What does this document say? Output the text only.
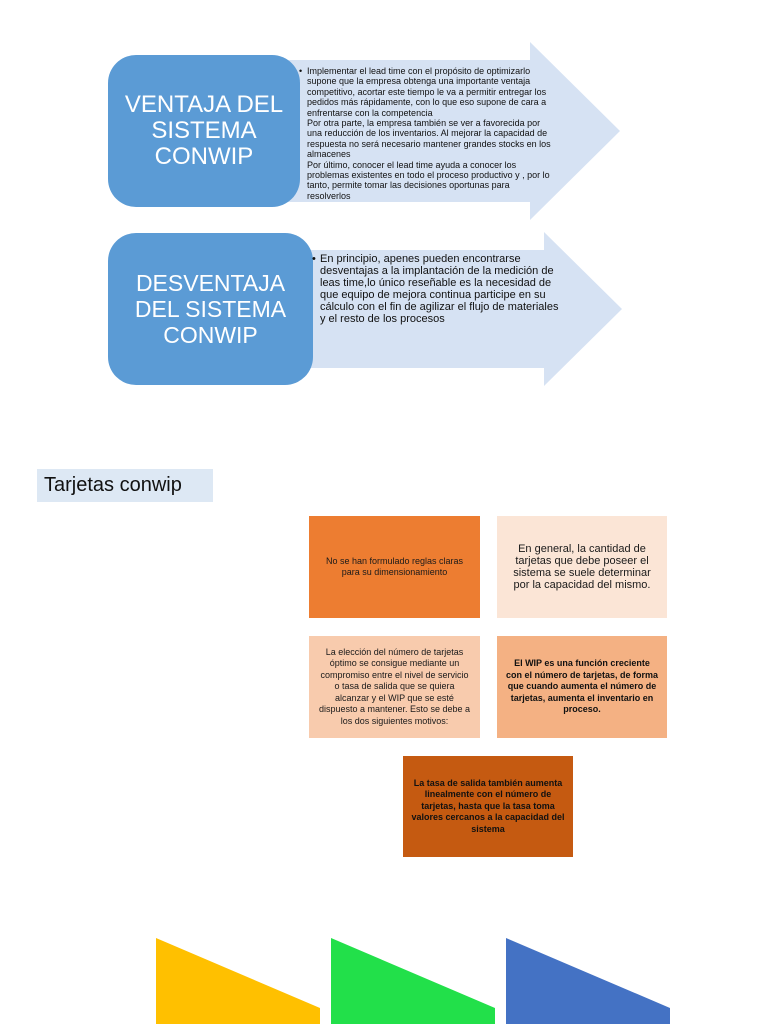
VENTAJA DEL SISTEMA CONWIP
• Implementar el lead time con el propósito de optimizarlo supone que la empresa obtenga una importante ventaja competitivo, acortar este tiempo le va a permitir entregar los pedidos más rápidamente, con lo que eso supone de cara a enfrentarse con la competencia
Por otra parte, la empresa también se ver a favorecida por una reducción de los inventarios. Al mejorar la capacidad de respuesta no será necesario mantener grandes stocks en los almacenes
Por último, conocer el lead time ayuda a conocer los problemas existentes en todo el proceso productivo y , por lo tanto, permite tomar las decisiones oportunas para resolverlos
DESVENTAJA DEL SISTEMA CONWIP
• En principio, apenes pueden encontrarse desventajas a la implantación de la medición de leas time,lo único reseñable es la necesidad de que equipo de mejora continua participe en su cálculo con el fin de agilizar el flujo de materiales y el resto de los procesos
Tarjetas conwip
No se han formulado reglas claras para su dimensionamiento
En general, la cantidad de tarjetas que debe poseer el sistema se suele determinar por la capacidad del mismo.
La elección del número de tarjetas óptimo se consigue mediante un compromiso entre el nivel de servicio o tasa de salida que se quiera alcanzar y el WIP que se esté dispuesto a mantener. Esto se debe a los dos siguientes motivos:
El WIP es una función creciente con el número de tarjetas, de forma que cuando aumenta el número de tarjetas, aumenta el inventario en proceso.
La tasa de salida también aumenta linealmente con el número de tarjetas, hasta que la tasa toma valores cercanos a la capacidad del sistema
